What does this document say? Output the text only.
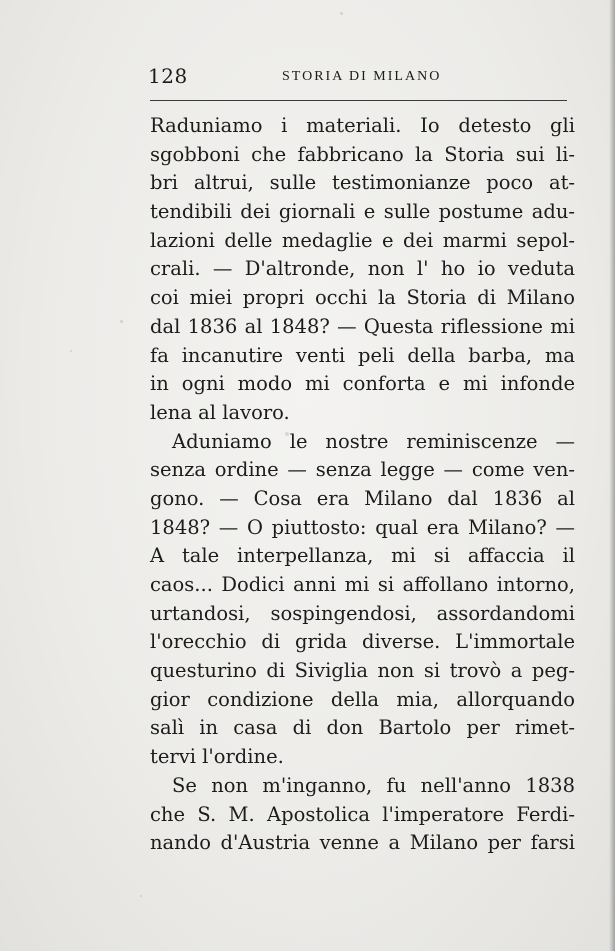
128	STORIA DI MILANO
Raduniamo i materiali. Io detesto gli
sgobboni che fabbricano la Storia sui li-
bri altrui, sulle testimonianze poco at-
tendibili dei giornali e sulle postume adu-
lazioni delle medaglie e dei marmi sepol-
crali. — D'altronde, non l' ho io veduta
coi miei propri occhi la Storia di Milano
dal 1836 al 1848? — Questa riflessione mi
fa incanutire venti peli della barba, ma
in ogni modo mi conforta e mi infonde
lena al lavoro.
Aduniamo le nostre reminiscenze —
senza ordine — senza legge — come ven-
gono. — Cosa era Milano dal 1836 al
1848? — O piuttosto: qual era Milano? —
A tale interpellanza, mi si affaccia il
caos... Dodici anni mi si affollano intorno,
urtandosi, sospingendosi, assordandomi
l'orecchio di grida diverse. L'immortale
questurino di Siviglia non si trovò a peg-
gior condizione della mia, allorquando
salì in casa di don Bartolo per rimet-
tervi l'ordine.
Se non m'inganno, fu nell'anno 1838
che S. M. Apostolica l'imperatore Ferdi-
nando d'Austria venne a Milano per farsi
